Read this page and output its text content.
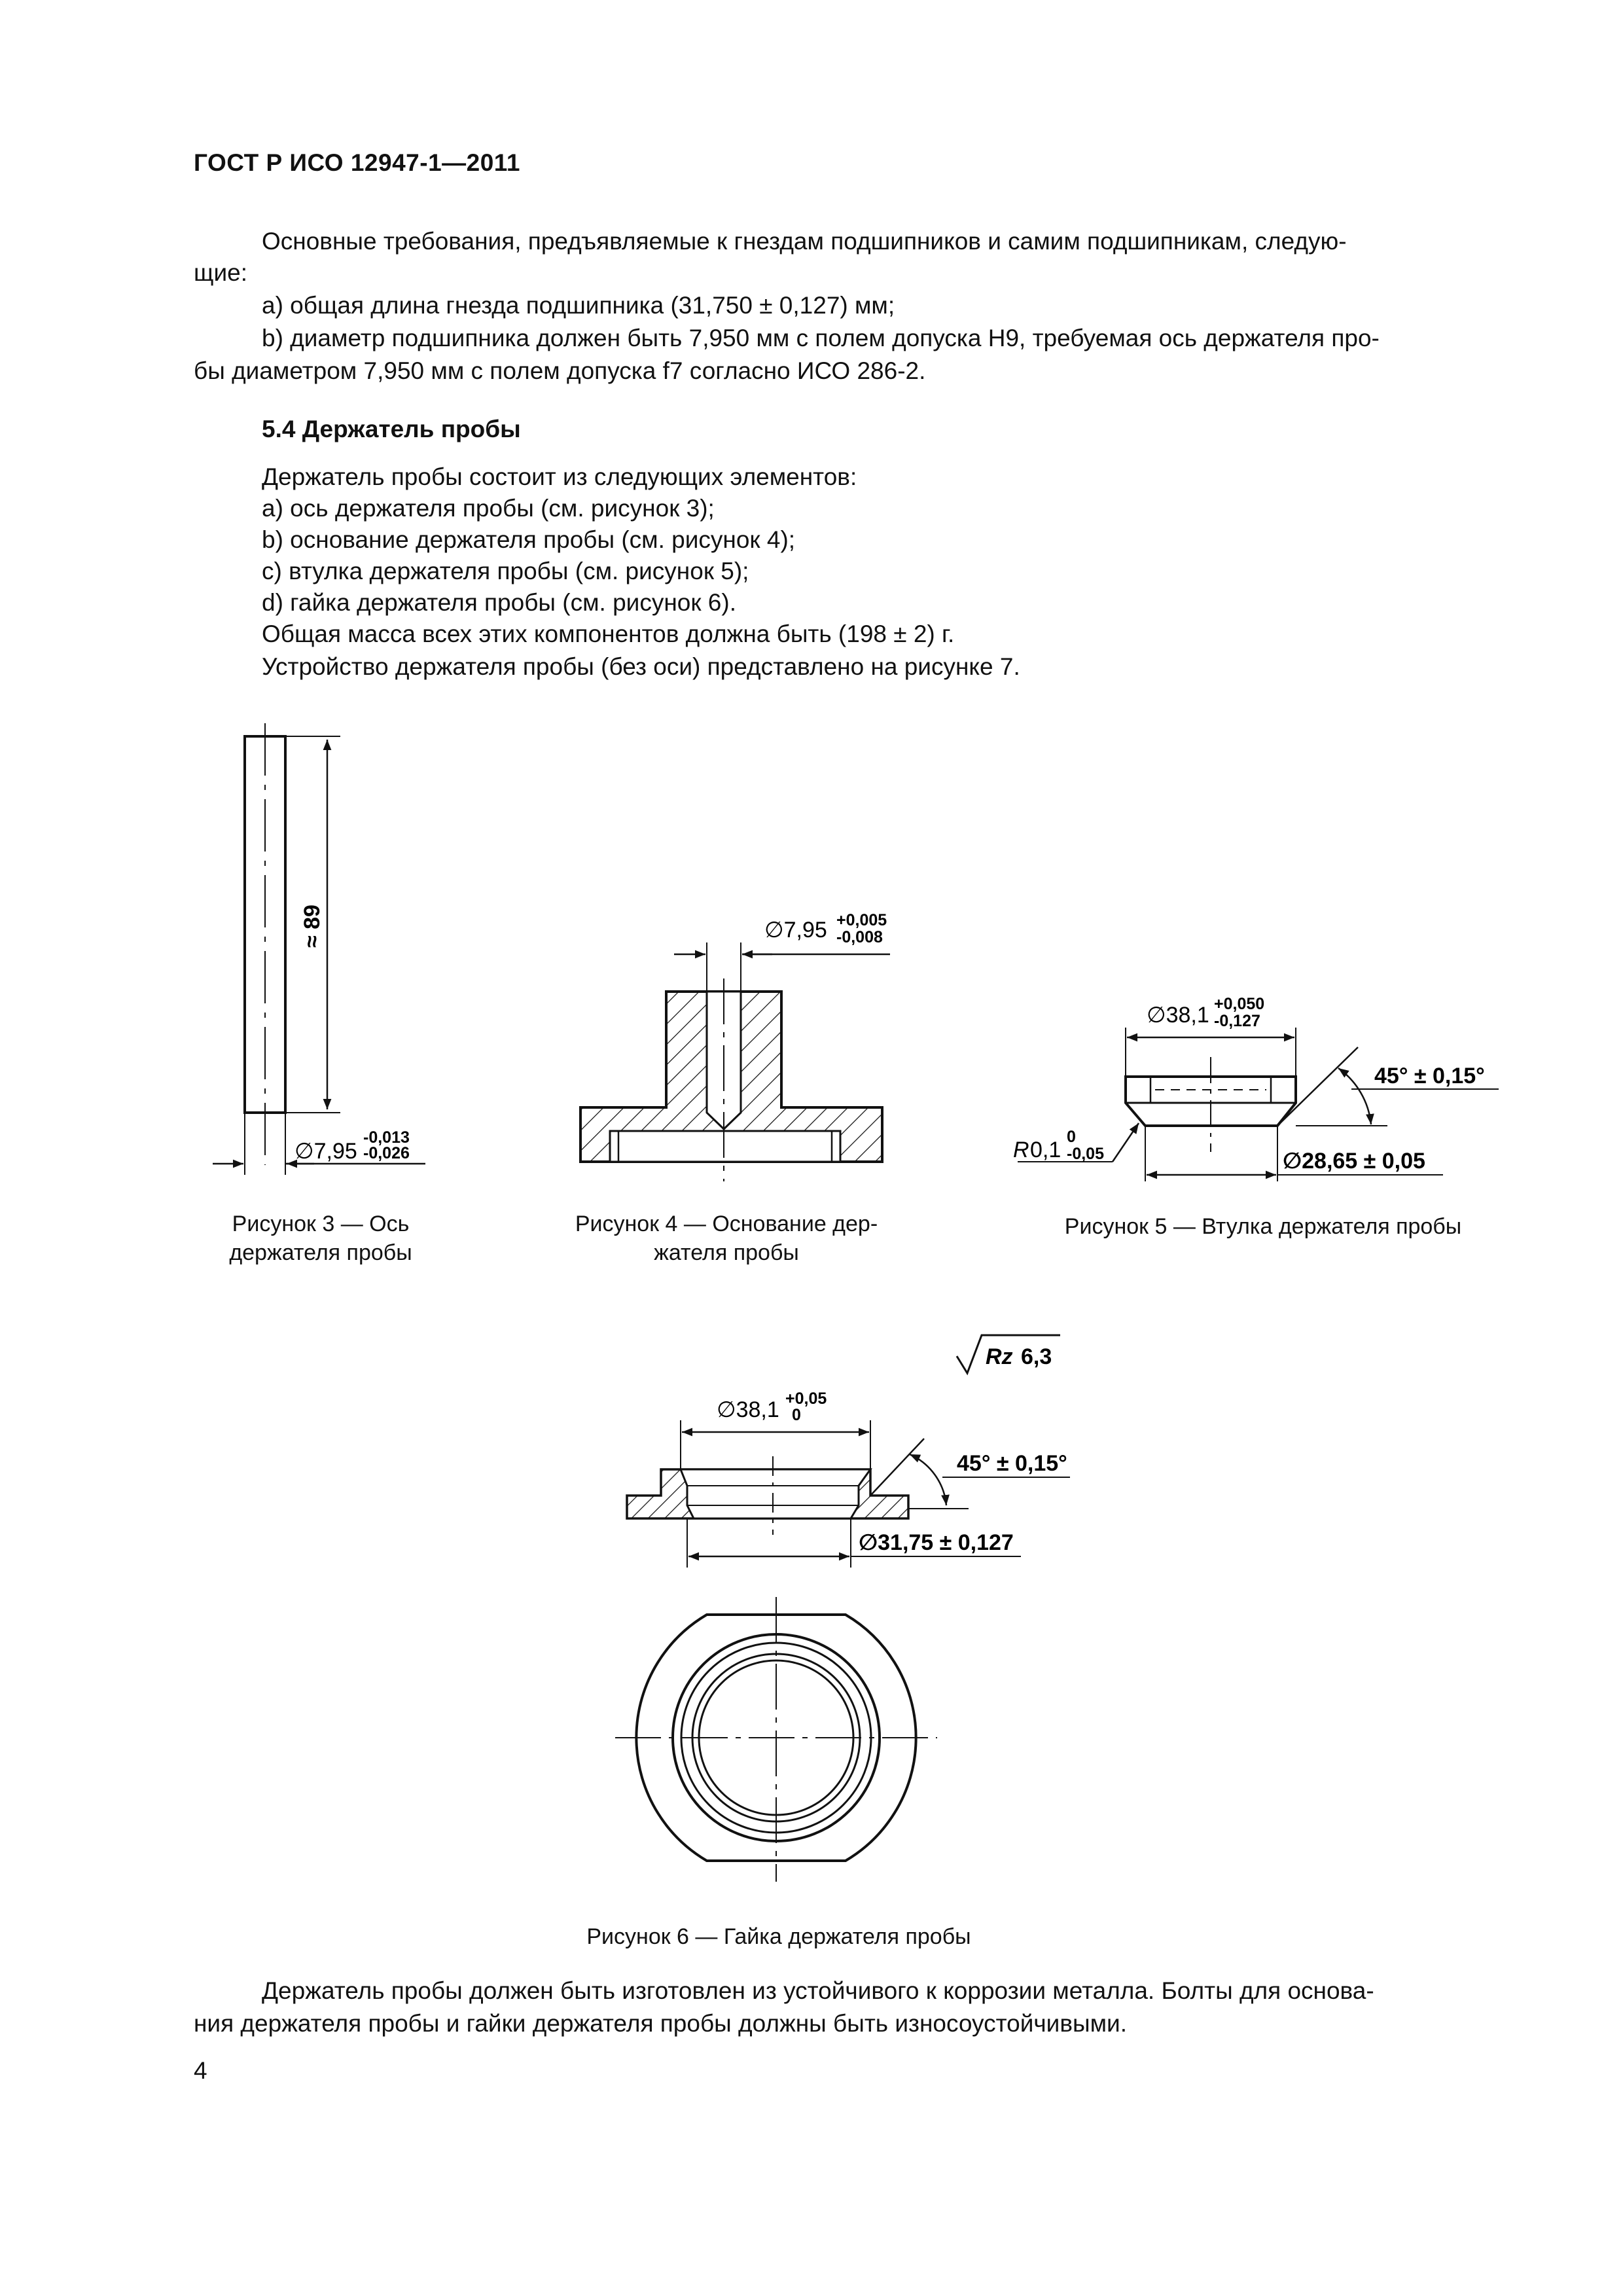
ГОСТ Р ИСО 12947-1—2011
Основные требования, предъявляемые к гнездам подшипников и самим подшипникам, следую-
щие:
a) общая длина гнезда подшипника (31,750 ± 0,127) мм;
b) диаметр подшипника должен быть 7,950 мм с полем допуска H9, требуемая ось держателя про-
бы диаметром 7,950 мм с полем допуска f7 согласно ИСО 286-2.
5.4 Держатель пробы
Держатель пробы состоит из следующих элементов:
a) ось держателя пробы (см. рисунок 3);
b) основание держателя пробы (см. рисунок 4);
c) втулка держателя пробы (см. рисунок 5);
d) гайка держателя пробы (см. рисунок 6).
Общая масса всех этих компонентов должна быть (198 ± 2) г.
Устройство держателя пробы (без оси) представлено на рисунке 7.
≈ 89
∅7,95
-0,013
-0,026
∅7,95 +0,005
-0,008
∅38,1 +0,050
-0,127
45° ± 0,15°
∅28,65 ± 0,05
R 0,1
0
-0,05
Рисунок 3 — Ось
держателя пробы
Рисунок 4 — Основание дер-
жателя пробы
Рисунок 5 — Втулка держателя пробы
Rz 6,3
∅38,1 +0,05
0
45° ± 0,15°
∅31,75 ± 0,127
Рисунок 6 — Гайка держателя пробы
Держатель пробы должен быть изготовлен из устойчивого к коррозии металла. Болты для основа-
ния держателя пробы и гайки держателя пробы должны быть износоустойчивыми.
4
